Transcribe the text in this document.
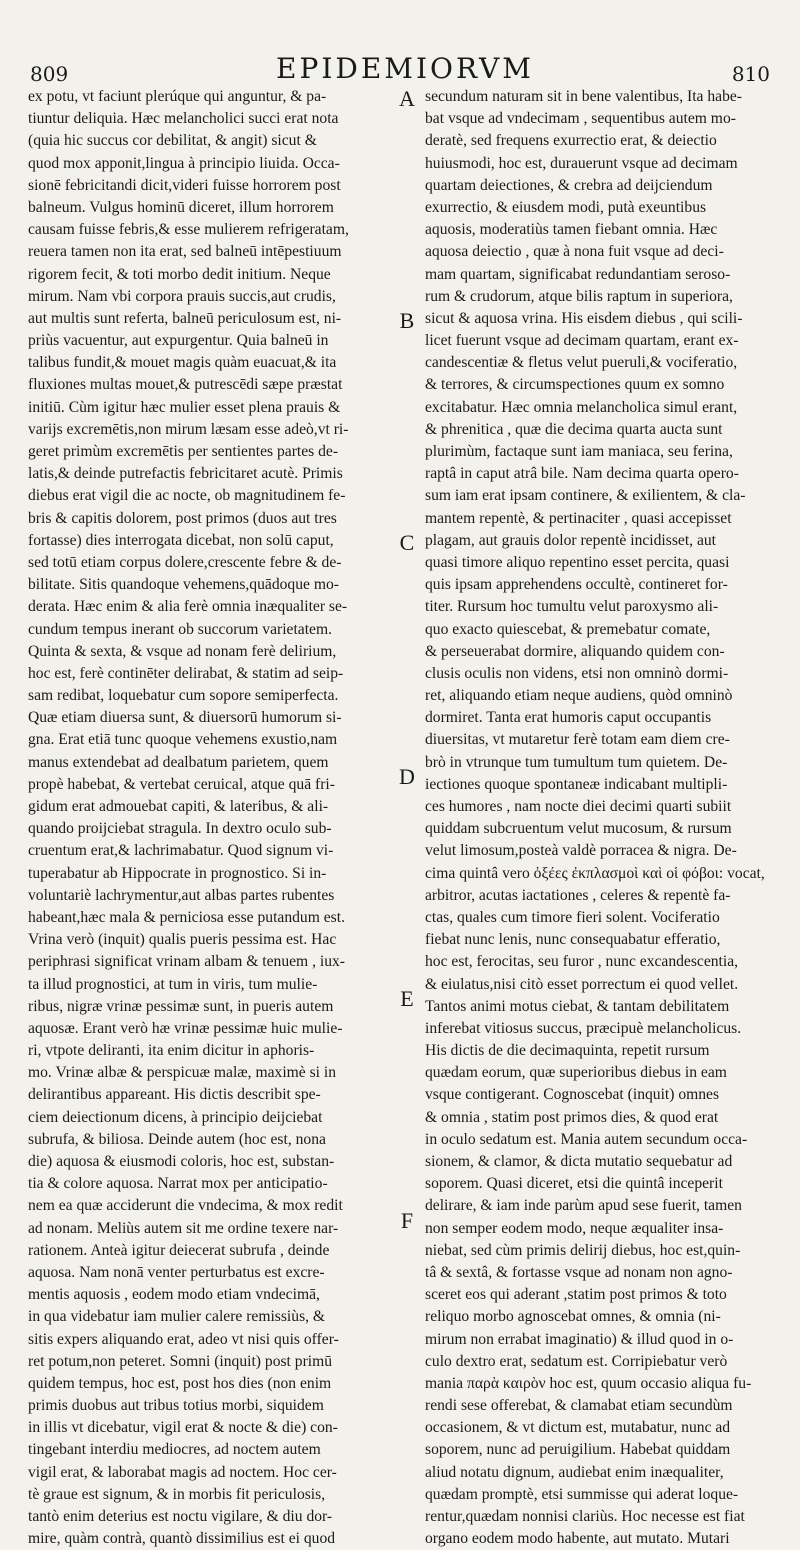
809	EPIDEMIORVM	810
ex potu, vt faciunt plerúque qui anguntur, & pa-
tiuntur deliquia. Hæc melancholici succi erat nota
(quia hic succus cor debilitat, & angit) sicut &
quod mox apponit,lingua à principio liuida. Occa-
sionē febricitandi dicit,videri fuisse horrorem post
balneum. Vulgus hominū diceret, illum horrorem
causam fuisse febris,& esse mulierem refrigeratam,
reuera tamen non ita erat, sed balneū intēpestiuum
rigorem fecit, & toti morbo dedit initium. Neque
mirum. Nam vbi corpora prauis succis,aut crudis,
aut multis sunt referta, balneū periculosum est, ni-
priùs vacuentur, aut expurgentur. Quia balneū in
talibus fundit,& mouet magis quàm euacuat,& ita
fluxiones multas mouet,& putrescēdi sæpe præstat
initiū. Cùm igitur hæc mulier esset plena prauis &
varijs excremētis,non mirum læsam esse adeò,vt ri-
geret primùm excremētis per sentientes partes de-
latis,& deinde putrefactis febricitaret acutè. Primis
diebus erat vigil die ac nocte, ob magnitudinem fe-
bris & capitis dolorem, post primos (duos aut tres
fortasse) dies interrogata dicebat, non solū caput,
sed totū etiam corpus dolere,crescente febre & de-
bilitate. Sitis quandoque vehemens,quādoque mo-
derata. Hæc enim & alia ferè omnia inæqualiter se-
cundum tempus inerant ob succorum varietatem.
Quinta & sexta, & vsque ad nonam ferè delirium,
hoc est, ferè continēter delirabat, & statim ad seip-
sam redibat, loquebatur cum sopore semiperfecta.
Quæ etiam diuersa sunt, & diuersorū humorum si-
gna. Erat etiā tunc quoque vehemens exustio,nam
manus extendebat ad dealbatum parietem, quem
propè habebat, & vertebat ceruical, atque quā fri-
gidum erat admouebat capiti, & lateribus, & ali-
quando proijciebat stragula. In dextro oculo sub-
cruentum erat,& lachrimabatur. Quod signum vi-
tuperabatur ab Hippocrate in prognostico. Si in-
voluntariè lachrymentur,aut albas partes rubentes
habeant,hæc mala & perniciosa esse putandum est.
Vrina verò (inquit) qualis pueris pessima est. Hac
periphrasi significat vrinam albam & tenuem , iux-
ta illud prognostici, at tum in viris, tum mulie-
ribus, nigræ vrinæ pessimæ sunt, in pueris autem
aquosæ. Erant verò hæ vrinæ pessimæ huic mulie-
ri, vtpote deliranti, ita enim dicitur in aphoris-
mo. Vrinæ albæ & perspicuæ malæ, maximè si in
delirantibus appareant. His dictis describit spe-
ciem deiectionum dicens, à principio deijciebat
subrufa, & biliosa. Deinde autem (hoc est, nona
die) aquosa & eiusmodi coloris, hoc est, substan-
tia & colore aquosa. Narrat mox per anticipatio-
nem ea quæ acciderunt die vndecima, & mox redit
ad nonam. Meliùs autem sit me ordine texere nar-
rationem. Anteà igitur deiecerat subrufa , deinde
aquosa. Nam nonā venter perturbatus est excre-
mentis aquosis , eodem modo etiam vndecimā,
in qua videbatur iam mulier calere remissiùs, &
sitis expers aliquando erat, adeo vt nisi quis offer-
ret potum,non peteret. Somni (inquit) post primū
quidem tempus, hoc est, post hos dies (non enim
primis duobus aut tribus totius morbi, siquidem
in illis vt dicebatur, vigil erat & nocte & die) con-
tingebant interdiu mediocres, ad noctem autem
vigil erat, & laborabat magis ad noctem. Hoc cer-
tè graue est signum, & in morbis fit periculosis,
tantò enim deterius est noctu vigilare, & diu dor-
mire, quàm contrà, quantò dissimilius est ei quod
A
B
C
D
E
F
secundum naturam sit in bene valentibus, Ita habe-
bat vsque ad vndecimam , sequentibus autem mo-
deratè, sed frequens exurrectio erat, & deiectio
huiusmodi, hoc est, durauerunt vsque ad decimam
quartam deiectiones, & crebra ad deijciendum
exurrectio, & eiusdem modi, putà exeuntibus
aquosis, moderatiùs tamen fiebant omnia. Hæc
aquosa deiectio , quæ à nona fuit vsque ad deci-
mam quartam, significabat redundantiam seroso-
rum & crudorum, atque bilis raptum in superiora,
sicut & aquosa vrina. His eisdem diebus , qui scili-
licet fuerunt vsque ad decimam quartam, erant ex-
candescentiæ & fletus velut pueruli,& vociferatio,
& terrores, & circumspectiones quum ex somno
excitabatur. Hæc omnia melancholica simul erant,
& phrenitica , quæ die decima quarta aucta sunt
plurimùm, factaque sunt iam maniaca, seu ferina,
raptâ in caput atrâ bile. Nam decima quarta opero-
sum iam erat ipsam continere, & exilientem, & cla-
mantem repentè, & pertinaciter , quasi accepisset
plagam, aut grauis dolor repentè incidisset, aut
quasi timore aliquo repentino esset percita, quasi
quis ipsam apprehendens occultè, contineret for-
titer. Rursum hoc tumultu velut paroxysmo ali-
quo exacto quiescebat, & premebatur comate,
& perseuerabat dormire, aliquando quidem con-
clusis oculis non videns, etsi non omninò dormi-
ret, aliquando etiam neque audiens, quòd omninò
dormiret. Tanta erat humoris caput occupantis
diuersitas, vt mutaretur ferè totam eam diem cre-
brò in vtrunque tum tumultum tum quietem. De-
iectiones quoque spontaneæ indicabant multipli-
ces humores , nam nocte diei decimi quarti subiit
quiddam subcruentum velut mucosum, & rursum
velut limosum,posteà valdè porracea & nigra. De-
cima quintâ vero ὀξέες ἐκπλασμοὶ καὶ οἱ φόβοι: vocat,
arbitror, acutas iactationes , celeres & repentè fa-
ctas, quales cum timore fieri solent. Vociferatio
fiebat nunc lenis, nunc consequabatur efferatio,
hoc est, ferocitas, seu furor , nunc excandescentia,
& eiulatus,nisi citò esset porrectum ei quod vellet.
Tantos animi motus ciebat, & tantam debilitatem
inferebat vitiosus succus, præcipuè melancholicus.
His dictis de die decimaquinta, repetit rursum
quædam eorum, quæ superioribus diebus in eam
vsque contigerant. Cognoscebat (inquit) omnes
& omnia , statim post primos dies, & quod erat
in oculo sedatum est. Mania autem secundum occa-
sionem, & clamor, & dicta mutatio sequebatur ad
soporem. Quasi diceret, etsi die quintâ inceperit
delirare, & iam inde parùm apud sese fuerit, tamen
non semper eodem modo, neque æqualiter insa-
niebat, sed cùm primis delirij diebus, hoc est,quin-
tâ & sextâ, & fortasse vsque ad nonam non agno-
sceret eos qui aderant ,statim post primos & toto
reliquo morbo agnoscebat omnes, & omnia (ni-
mirum non errabat imaginatio) & illud quod in o-
culo dextro erat, sedatum est. Corripiebatur verò
mania παρὰ καιρὸν hoc est, quum occasio aliqua fu-
rendi sese offerebat, & clamabat etiam secundùm
occasionem, & vt dictum est, mutabatur, nunc ad
soporem, nunc ad peruigilium. Habebat quiddam
aliud notatu dignum, audiebat enim inæqualiter,
quædam promptè, etsi summisse qui aderat loque-
rentur,quædam nonnisi clariùs. Hoc necesse est fiat
organo eodem modo habente, aut mutato. Mutari
